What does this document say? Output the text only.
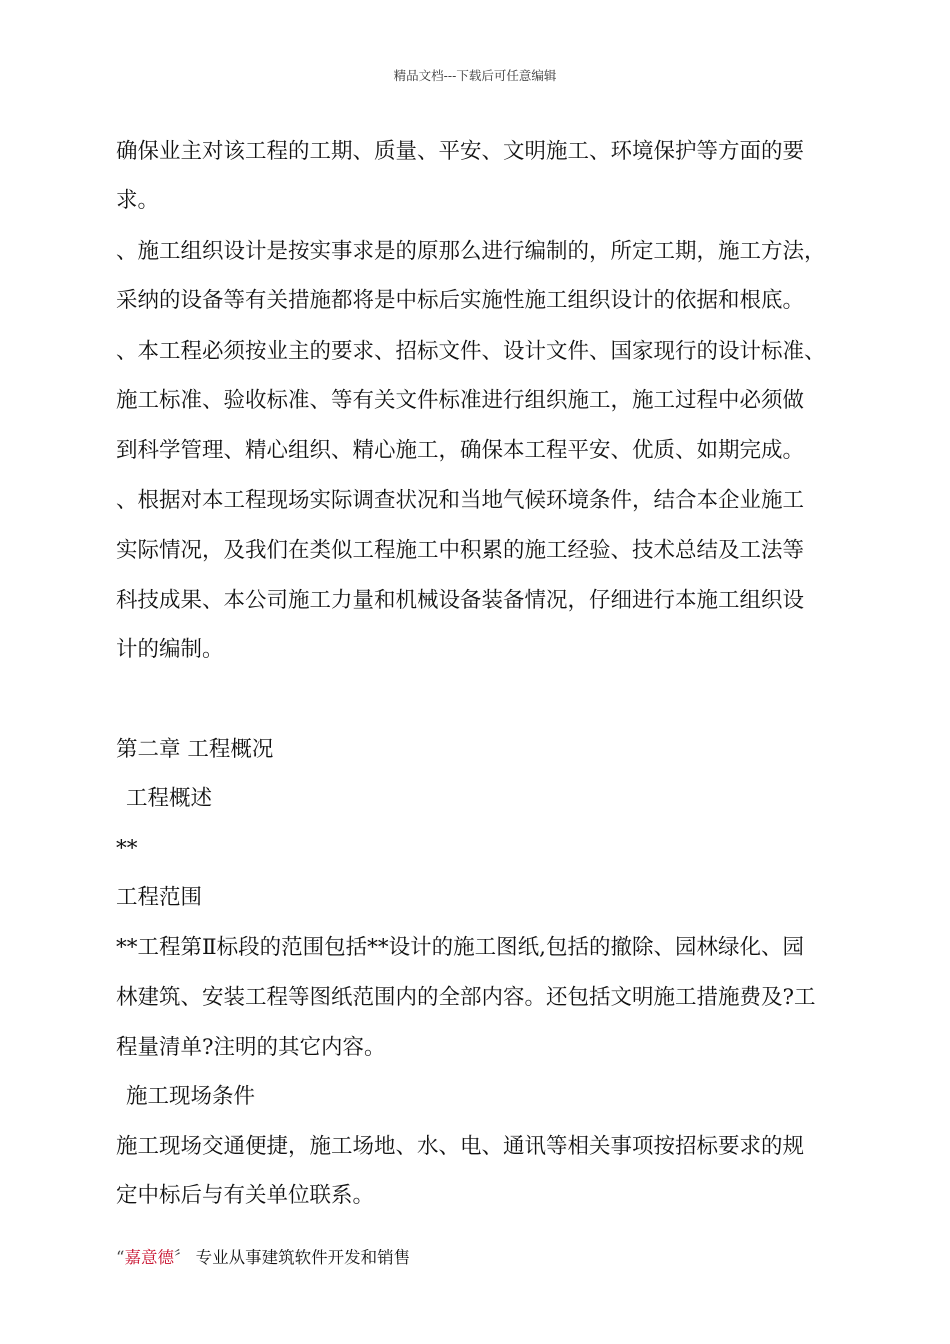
精品文档---下载后可任意编辑
确保业主对该工程的工期、质量、平安、文明施工、环境保护等方面的要
求。
、施工组织设计是按实事求是的原那么进行编制的，所定工期，施工方法，
采纳的设备等有关措施都将是中标后实施性施工组织设计的依据和根底。
、本工程必须按业主的要求、招标文件、设计文件、国家现行的设计标准、
施工标准、验收标准、等有关文件标准进行组织施工，施工过程中必须做
到科学管理、精心组织、精心施工，确保本工程平安、优质、如期完成。
、根据对本工程现场实际调查状况和当地气候环境条件，结合本企业施工
实际情况，及我们在类似工程施工中积累的施工经验、技术总结及工法等
科技成果、本公司施工力量和机械设备装备情况，仔细进行本施工组织设
计的编制。
第二章 工程概况
工程概述
**
工程范围
**工程第Ⅱ标段的范围包括**设计的施工图纸,包括的撤除、园林绿化、园
林建筑、安装工程等图纸范围内的全部内容。还包括文明施工措施费及?工
程量清单?注明的其它内容。
施工现场条件
施工现场交通便捷，施工场地、水、电、通讯等相关事项按招标要求的规
定中标后与有关单位联系。
“嘉意德〞 专业从事建筑软件开发和销售
